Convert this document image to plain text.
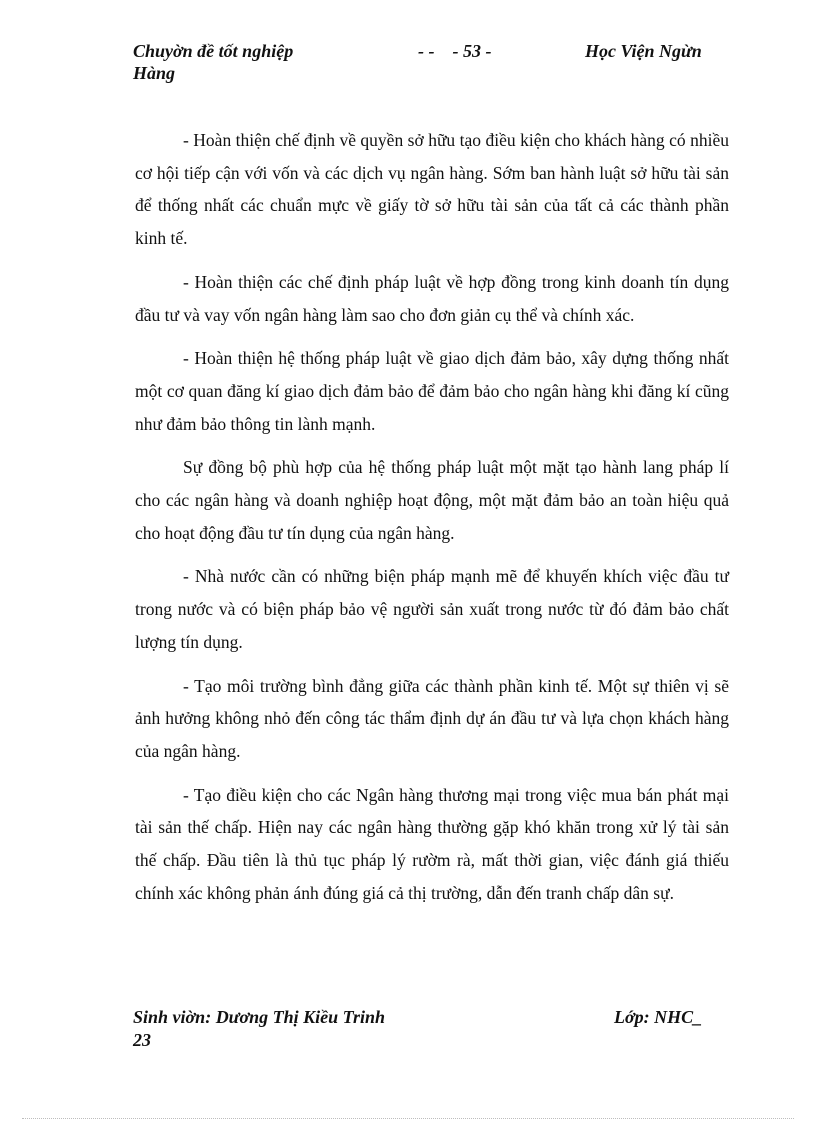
Chuyờn đề tốt nghiệp
Hàng
- -    - 53 -	Học Viện Ngừn

- Hoàn thiện chế định về quyền sở hữu tạo điều kiện cho khách hàng có nhiều cơ hội tiếp cận với vốn và các dịch vụ ngân hàng. Sớm ban hành luật sở hữu tài sản để thống nhất các chuẩn mực về giấy tờ sở hữu tài sản của tất cả các thành phần kinh tế.

- Hoàn thiện các chế định pháp luật về hợp đồng trong kinh doanh tín dụng đầu tư và vay vốn ngân hàng làm sao cho đơn giản cụ thể và chính xác.

- Hoàn thiện hệ thống pháp luật về giao dịch đảm bảo, xây dựng thống nhất một cơ quan đăng kí giao dịch đảm bảo để đảm bảo cho ngân hàng khi đăng kí cũng như đảm bảo thông tin lành mạnh.

Sự đồng bộ phù hợp của hệ thống pháp luật một mặt tạo hành lang pháp lí cho các ngân hàng và doanh nghiệp hoạt động, một mặt đảm bảo an toàn hiệu quả cho hoạt động đầu tư tín dụng của ngân hàng.

- Nhà nước cần có những biện pháp mạnh mẽ để khuyến khích việc đầu tư trong nước và có biện pháp bảo vệ người sản xuất trong nước từ đó đảm bảo chất lượng tín dụng.

- Tạo môi trường bình đẳng giữa các thành phần kinh tế. Một sự thiên vị sẽ ảnh hưởng không nhỏ đến công tác thẩm định dự án đầu tư và lựa chọn khách hàng của ngân hàng.

- Tạo điều kiện cho các Ngân hàng thương mại trong việc mua bán phát mại tài sản thế chấp. Hiện nay các ngân hàng thường gặp khó khăn trong xử lý tài sản thế chấp. Đầu tiên là thủ tục pháp lý rườm rà, mất thời gian, việc đánh giá thiếu chính xác không phản ánh đúng giá cả thị trường, dẫn đến tranh chấp dân sự.

Sinh viờn: Dương Thị Kiều Trinh
23
Lớp: NHC_
